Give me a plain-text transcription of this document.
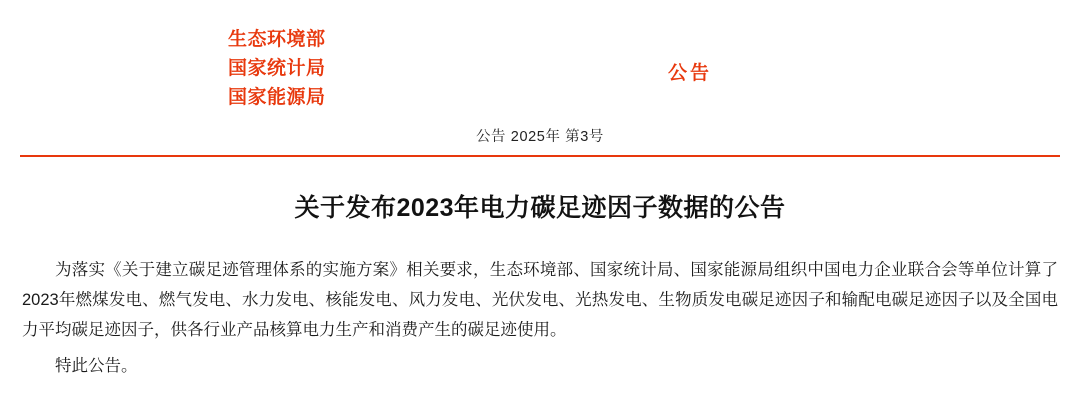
生态环境部
国家统计局
国家能源局
公告
公告 2025年 第3号
关于发布2023年电力碳足迹因子数据的公告

为落实《关于建立碳足迹管理体系的实施方案》相关要求，生态环境部、国家统计局、国家能源局组织中国电力企业联合会等单位计算了2023年燃煤发电、燃气发电、水力发电、核能发电、风力发电、光伏发电、光热发电、生物质发电碳足迹因子和输配电碳足迹因子以及全国电力平均碳足迹因子，供各行业产品核算电力生产和消费产生的碳足迹使用。

特此公告。
